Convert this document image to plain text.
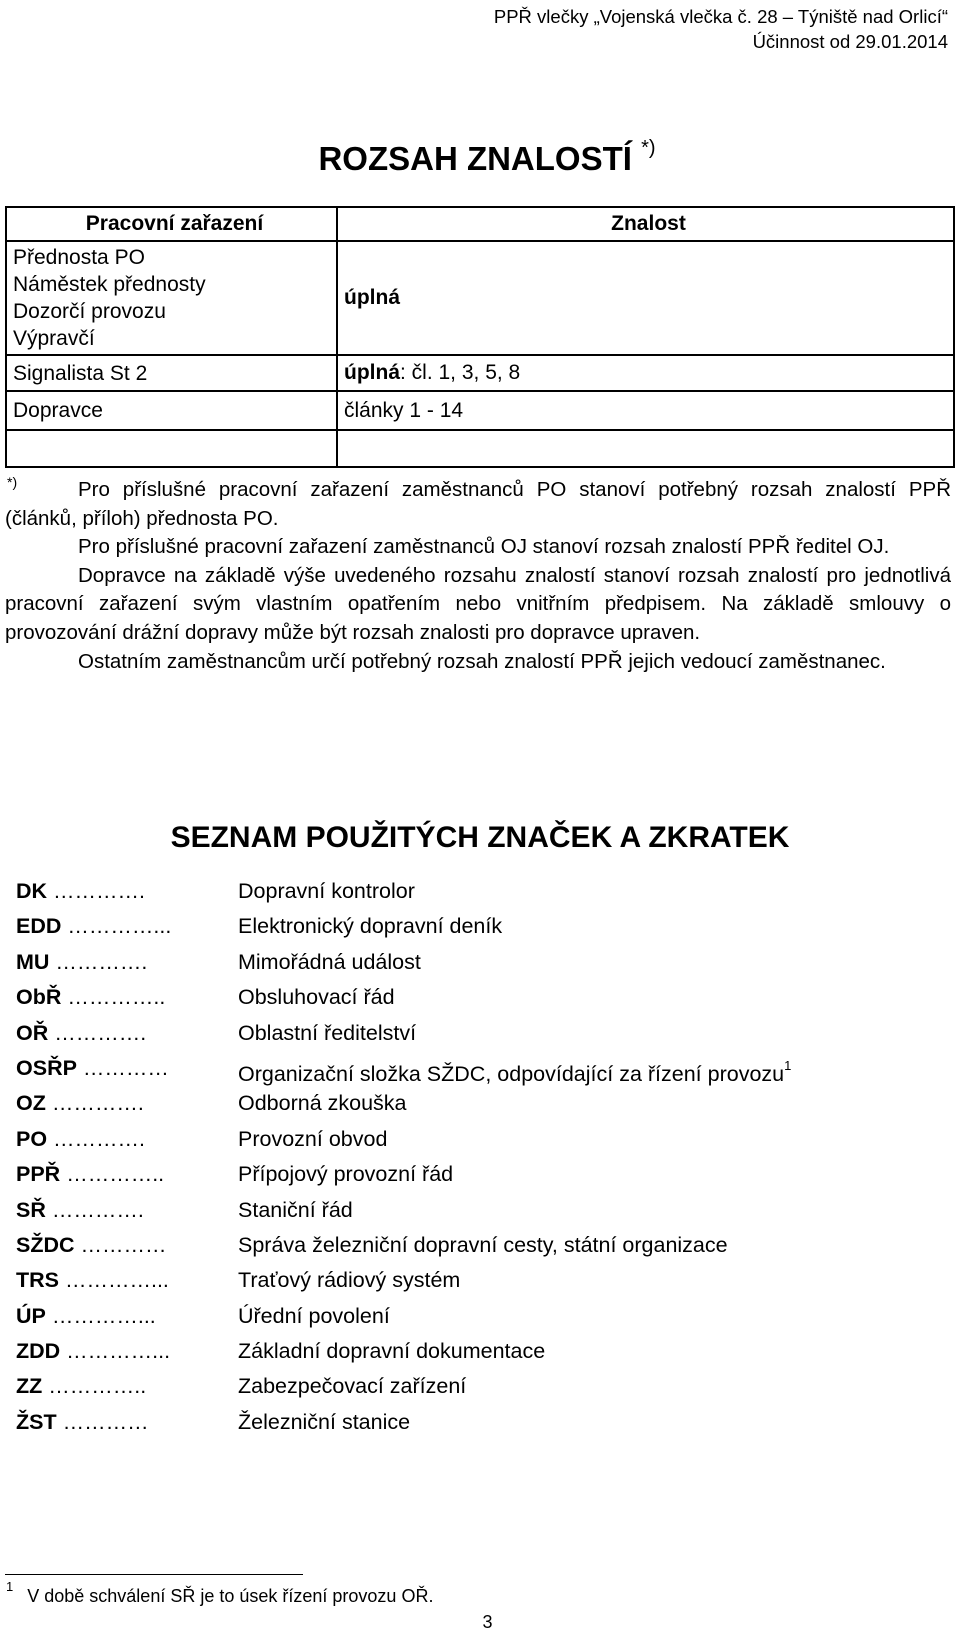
PPŘ vlečky „Vojenská vlečka č. 28 – Týniště nad Orlicí“
Účinnost od 29.01.2014
ROZSAH ZNALOSTÍ *)
Pracovní zařazení	Znalost

Přednosta PO
Náměstek přednosty
Dozorčí provozu
Výpravčí	úplná
Signalista St 2	úplná: čl. 1, 3, 5, 8
Dopravce	články 1 - 14

*)	Pro příslušné pracovní zařazení zaměstnanců PO stanoví potřebný rozsah znalostí PPŘ (článků, příloh) přednosta PO.

Pro příslušné pracovní zařazení zaměstnanců OJ stanoví rozsah znalostí PPŘ ředitel OJ.

Dopravce na základě výše uvedeného rozsahu znalostí stanoví rozsah znalostí pro jednotlivá pracovní zařazení svým vlastním opatřením nebo vnitřním předpisem. Na základě smlouvy o provozování drážní dopravy může být rozsah znalosti pro dopravce upraven.

Ostatním zaměstnancům určí potřebný rozsah znalostí PPŘ jejich vedoucí zaměstnanec.

SEZNAM POUŽITÝCH ZNAČEK A ZKRATEK
DK ………….	Dopravní kontrolor
EDD …………...	Elektronický dopravní deník
MU ………….	Mimořádná událost
ObŘ …………..	Obsluhovací řád
OŘ ………….	Oblastní ředitelství
OSŘP …………	Organizační složka SŽDC, odpovídající za řízení provozu$^1$
OZ ………….	Odborná zkouška
PO ………….	Provozní obvod
PPŘ …………..	Přípojový provozní řád
SŘ ………….	Staniční řád
SŽDC …………	Správa železniční dopravní cesty, státní organizace
TRS …………...	Traťový rádiový systém
ÚP …………...	Úřední povolení
ZDD …………...	Základní dopravní dokumentace
ZZ …………..	Zabezpečovací zařízení
ŽST …………	Železniční stanice
$^1$ V době schválení SŘ je to úsek řízení provozu OŘ.
3
